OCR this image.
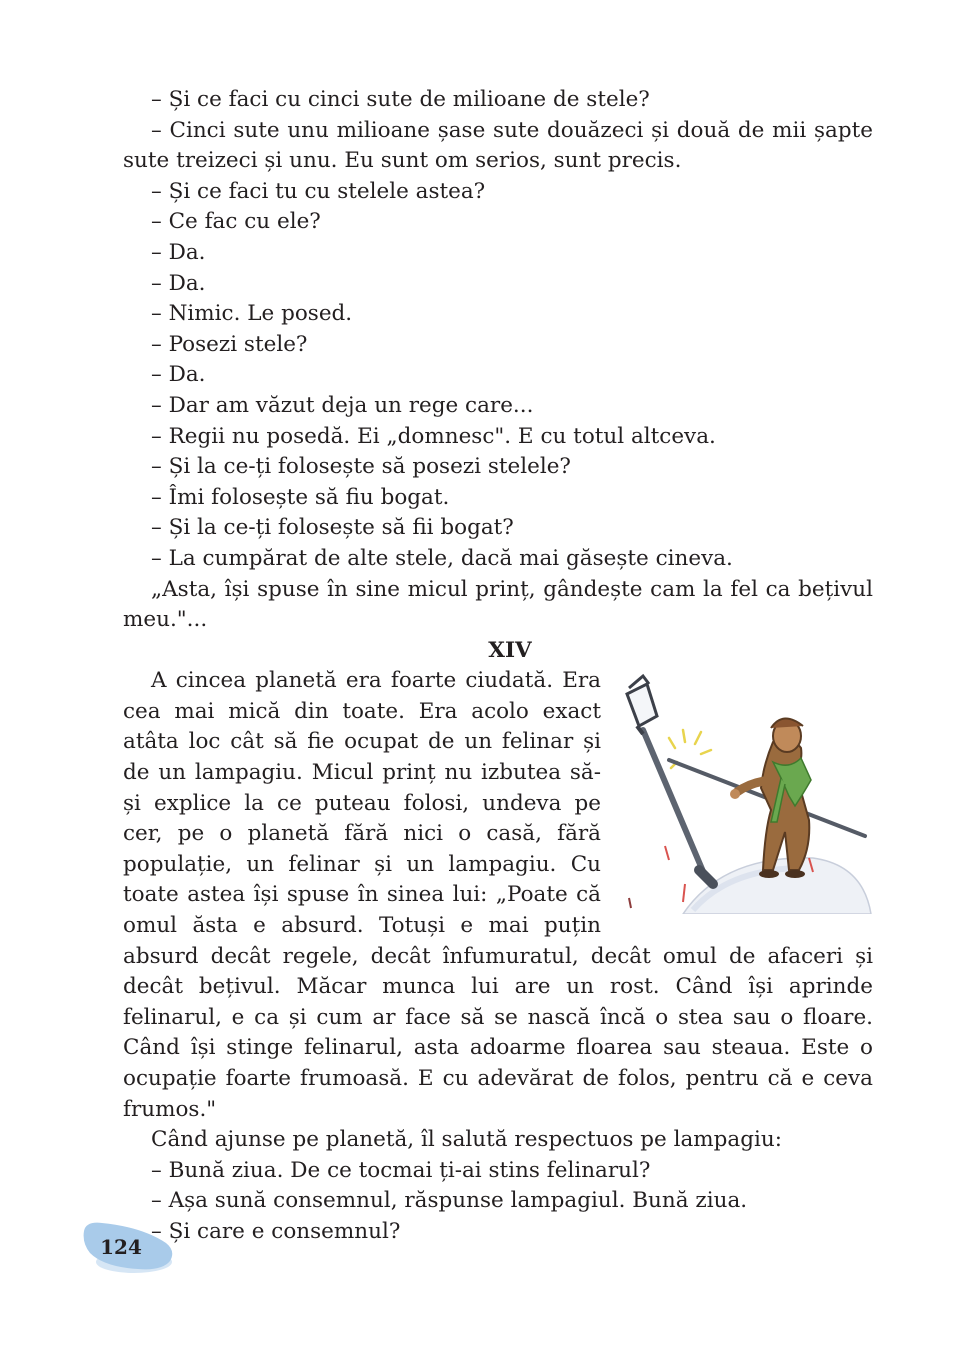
– Și ce faci cu cinci sute de milioane de stele?

– Cinci sute unu milioane șase sute douăzeci și două de mii șapte sute treizeci și unu. Eu sunt om serios, sunt precis.

– Și ce faci tu cu stelele astea?

– Ce fac cu ele?

– Da.

– Da.

– Nimic. Le posed.

– Posezi stele?

– Da.

– Dar am văzut deja un rege care...

– Regii nu posedă. Ei „domnesc". E cu totul altceva.

– Și la ce-ți folosește să posezi stelele?

– Îmi folosește să fiu bogat.

– Și la ce-ți folosește să fii bogat?

– La cumpărat de alte stele, dacă mai găsește cineva.

„Asta, își spuse în sine micul prinț, gândește cam la fel ca bețivul meu."...

XIV

A cincea planetă era foarte ciudată. Era cea mai mică din toate. Era acolo exact atâta loc cât să fie ocupat de un felinar și de un lampagiu. Micul prinț nu izbutea să-și explice la ce puteau folosi, undeva pe cer, pe o planetă fără nici o casă, fără populație, un felinar și un lampagiu. Cu toate astea își spuse în sinea lui: „Poate că omul ăsta e absurd. Totuși e mai puțin absurd decât regele, decât înfumuratul, decât omul de afaceri și decât bețivul. Măcar munca lui are un rost. Când își aprinde felinarul, e ca și cum ar face să se nască încă o stea sau o floare. Când își stinge felinarul, asta adoarme floarea sau steaua. Este o ocupație foarte frumoasă. E cu adevărat de folos, pentru că e ceva frumos."

Când ajunse pe planetă, îl salută respectuos pe lampagiu:

– Bună ziua. De ce tocmai ți-ai stins felinarul?

– Așa sună consemnul, răspunse lampagiul. Bună ziua.

– Și care e consemnul?

124
